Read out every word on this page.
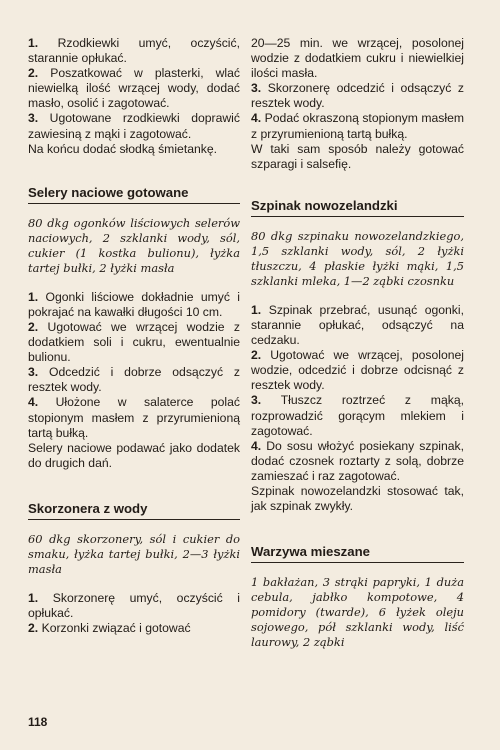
1. Rzodkiewki umyć, oczyścić, starannie opłukać.
2. Poszatkować w plasterki, wlać niewielką ilość wrzącej wody, dodać masło, osolić i zagotować.
3. Ugotowane rzodkiewki doprawić zawiesiną z mąki i zagotować.

Na końcu dodać słodką śmietankę.

Selery naciowe gotowane

80 dkg ogonków liściowych selerów naciowych, 2 szklanki wody, sól, cukier (1 kostka bulionu), łyżka tartej bułki, 2 łyżki masła

1. Ogonki liściowe dokładnie umyć i pokrajać na kawałki długości 10 cm.
2. Ugotować we wrzącej wodzie z dodatkiem soli i cukru, ewentualnie bulionu.
3. Odcedzić i dobrze odsączyć z resztek wody.
4. Ułożone w salaterce polać stopionym masłem z przyrumienioną tartą bułką.

Selery naciowe podawać jako dodatek do drugich dań.

Skorzonera z wody

60 dkg skorzonery, sól i cukier do smaku, łyżka tartej bułki, 2—3 łyżki masła

1. Skorzonerę umyć, oczyścić i opłukać.
2. Korzonki związać i gotować

20—25 min. we wrzącej, posolonej wodzie z dodatkiem cukru i niewielkiej ilości masła.

3. Skorzonerę odcedzić i odsączyć z resztek wody.
4. Podać okraszoną stopionym masłem z przyrumienioną tartą bułką.

W taki sam sposób należy gotować szparagi i salsefię.

Szpinak nowozelandzki

80 dkg szpinaku nowozelandzkiego, 1,5 szklanki wody, sól, 2 łyżki tłuszczu, 4 płaskie łyżki mąki, 1,5 szklanki mleka, 1—2 ząbki czosnku

1. Szpinak przebrać, usunąć ogonki, starannie opłukać, odsączyć na cedzaku.
2. Ugotować we wrzącej, posolonej wodzie, odcedzić i dobrze odcisnąć z resztek wody.
3. Tłuszcz roztrzeć z mąką, rozprowadzić gorącym mlekiem i zagotować.
4. Do sosu włożyć posiekany szpinak, dodać czosnek roztarty z solą, dobrze zamieszać i raz zagotować.

Szpinak nowozelandzki stosować tak, jak szpinak zwykły.

Warzywa mieszane

1 bakłażan, 3 strąki papryki, 1 duża cebula, jabłko kompotowe, 4 pomidory (twarde), 6 łyżek oleju sojowego, pół szklanki wody, liść laurowy, 2 ząbki

118
